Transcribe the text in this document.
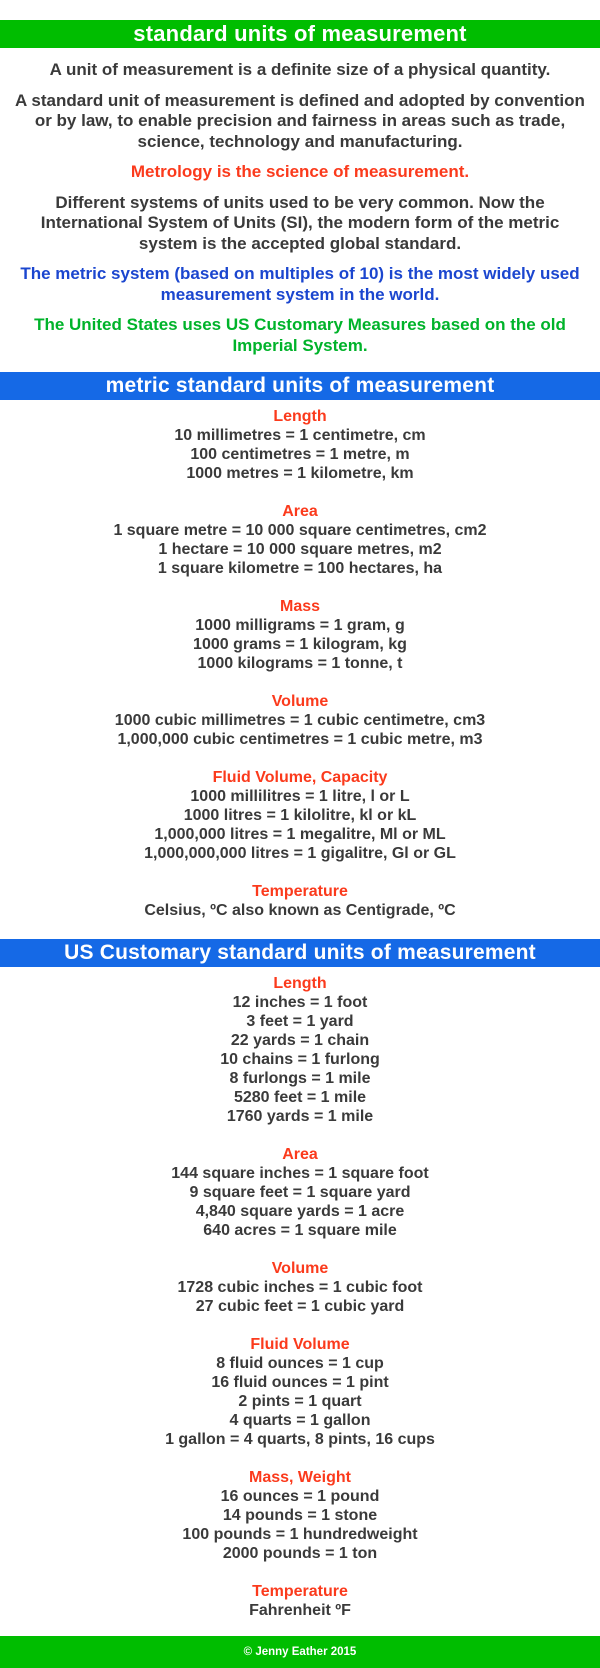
standard units of measurement

A unit of measurement is a definite size of a physical quantity.

A standard unit of measurement is defined and adopted by convention or by law, to enable precision and fairness in areas such as trade, science, technology and manufacturing.

Metrology is the science of measurement.

Different systems of units used to be very common. Now the International System of Units (SI), the modern form of the metric system is the accepted global standard.

The metric system (based on multiples of 10) is the most widely used measurement system in the world.

The United States uses US Customary Measures based on the old Imperial System.

metric standard units of measurement
Length
10 millimetres = 1 centimetre, cm
100 centimetres = 1 metre, m
1000 metres = 1 kilometre, km
Area
1 square metre = 10 000 square centimetres, cm2
1 hectare = 10 000 square metres, m2
1 square kilometre = 100 hectares, ha
Mass
1000 milligrams = 1 gram, g
1000 grams = 1 kilogram, kg
1000 kilograms = 1 tonne, t
Volume
1000 cubic millimetres = 1 cubic centimetre, cm3
1,000,000 cubic centimetres = 1 cubic metre, m3
Fluid Volume, Capacity
1000 millilitres = 1 litre, l or L
1000 litres = 1 kilolitre, kl or kL
1,000,000 litres = 1 megalitre, Ml or ML
1,000,000,000 litres = 1 gigalitre, Gl or GL
Temperature
Celsius, ºC also known as Centigrade, ºC
US Customary standard units of measurement
Length
12 inches = 1 foot
3 feet = 1 yard
22 yards = 1 chain
10 chains = 1 furlong
8 furlongs = 1 mile
5280 feet = 1 mile
1760 yards = 1 mile
Area
144 square inches = 1 square foot
9 square feet = 1 square yard
4,840 square yards = 1 acre
640 acres = 1 square mile
Volume
1728 cubic inches = 1 cubic foot
27 cubic feet = 1 cubic yard
Fluid Volume
8 fluid ounces = 1 cup
16 fluid ounces = 1 pint
2 pints = 1 quart
4 quarts = 1 gallon
1 gallon = 4 quarts, 8 pints, 16 cups
Mass, Weight
16 ounces = 1 pound
14 pounds = 1 stone
100 pounds = 1 hundredweight
2000 pounds = 1 ton
Temperature
Fahrenheit ºF
© Jenny Eather 2015
